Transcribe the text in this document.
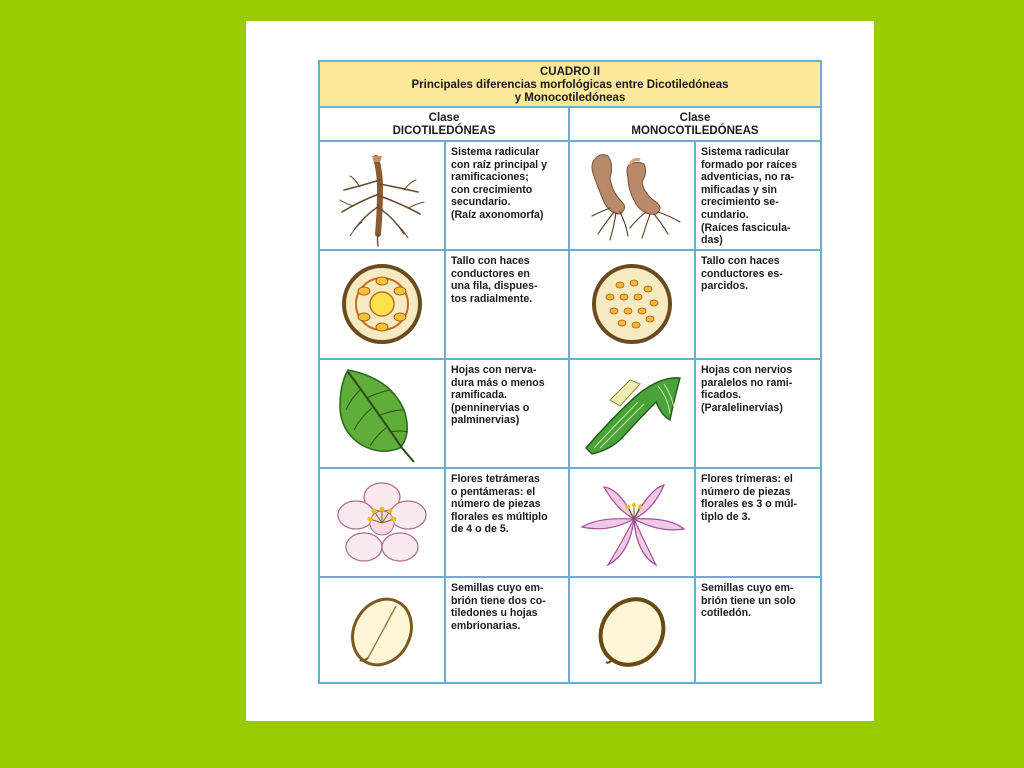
CUADRO II
Principales diferencias morfológicas entre Dicotiledóneas
y Monocotiledóneas
Clase
DICOTILEDÓNEAS
Clase
MONOCOTILEDÓNEAS
Sistema radicular
con raíz principal y
ramificaciones;
con crecimiento
secundario.
(Raíz axonomorfa)
Sistema radicular
formado por raíces
adventicias, no ra-
mificadas y sin
crecimiento se-
cundario.
(Raíces fascicula-
das)
Tallo con haces
conductores en
una fila, dispues-
tos radialmente.
Tallo con haces
conductores es-
parcidos.
Hojas con nerva-
dura más o menos
ramificada.
(penninervias o
palminervias)
Hojas con nervios
paralelos no rami-
ficados.
(Paralelinervias)
Flores tetrámeras
o pentámeras: el
número de piezas
florales es múltiplo
de 4 o de 5.
Flores trímeras: el
número de piezas
florales es 3 o múl-
tiplo de 3.
Semillas cuyo em-
brión tiene dos co-
tiledones u hojas
embrionarias.
Semillas cuyo em-
brión tiene un solo
cotiledón.
